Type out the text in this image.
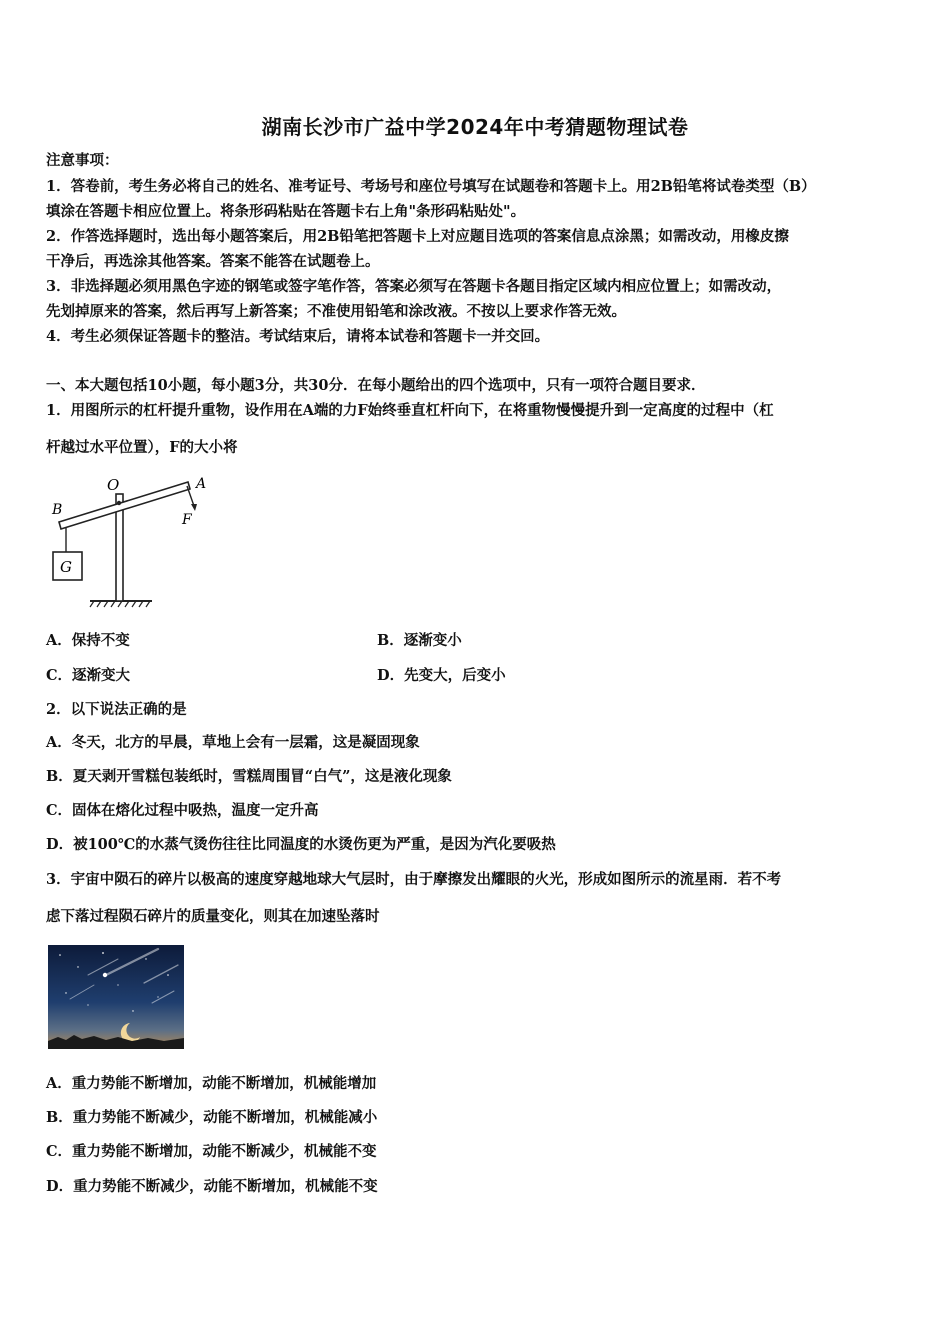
湖南长沙市广益中学2024年中考猜题物理试卷
注意事项：
1．答卷前，考生务必将自己的姓名、准考证号、考场号和座位号填写在试题卷和答题卡上。用2B铅笔将试卷类型（B）
填涂在答题卡相应位置上。将条形码粘贴在答题卡右上角"条形码粘贴处"。
2．作答选择题时，选出每小题答案后，用2B铅笔把答题卡上对应题目选项的答案信息点涂黑；如需改动，用橡皮擦
干净后，再选涂其他答案。答案不能答在试题卷上。
3．非选择题必须用黑色字迹的钢笔或签字笔作答，答案必须写在答题卡各题目指定区域内相应位置上；如需改动，
先划掉原来的答案，然后再写上新答案；不准使用铅笔和涂改液。不按以上要求作答无效。
4．考生必须保证答题卡的整洁。考试结束后，请将本试卷和答题卡一并交回。
一、本大题包括10小题，每小题3分，共30分．在每小题给出的四个选项中，只有一项符合题目要求．
1．用图所示的杠杆提升重物，设作用在A端的力F始终垂直杠杆向下，在将重物慢慢提升到一定高度的过程中（杠
杆越过水平位置），F的大小将
O	A
B
F
G
A．保持不变	B．逐渐变小
C．逐渐变大	D．先变大，后变小
2．以下说法正确的是
A．冬天，北方的早晨，草地上会有一层霜，这是凝固现象
B．夏天剥开雪糕包装纸时，雪糕周围冒“白气”，这是液化现象
C．固体在熔化过程中吸热，温度一定升高
D．被100℃的水蒸气烫伤往往比同温度的水烫伤更为严重，是因为汽化要吸热
3．宇宙中陨石的碎片以极高的速度穿越地球大气层时，由于摩擦发出耀眼的火光，形成如图所示的流星雨．若不考
虑下落过程陨石碎片的质量变化，则其在加速坠落时
A．重力势能不断增加，动能不断增加，机械能增加
B．重力势能不断减少，动能不断增加，机械能减小
C．重力势能不断增加，动能不断减少，机械能不变
D．重力势能不断减少，动能不断增加，机械能不变
